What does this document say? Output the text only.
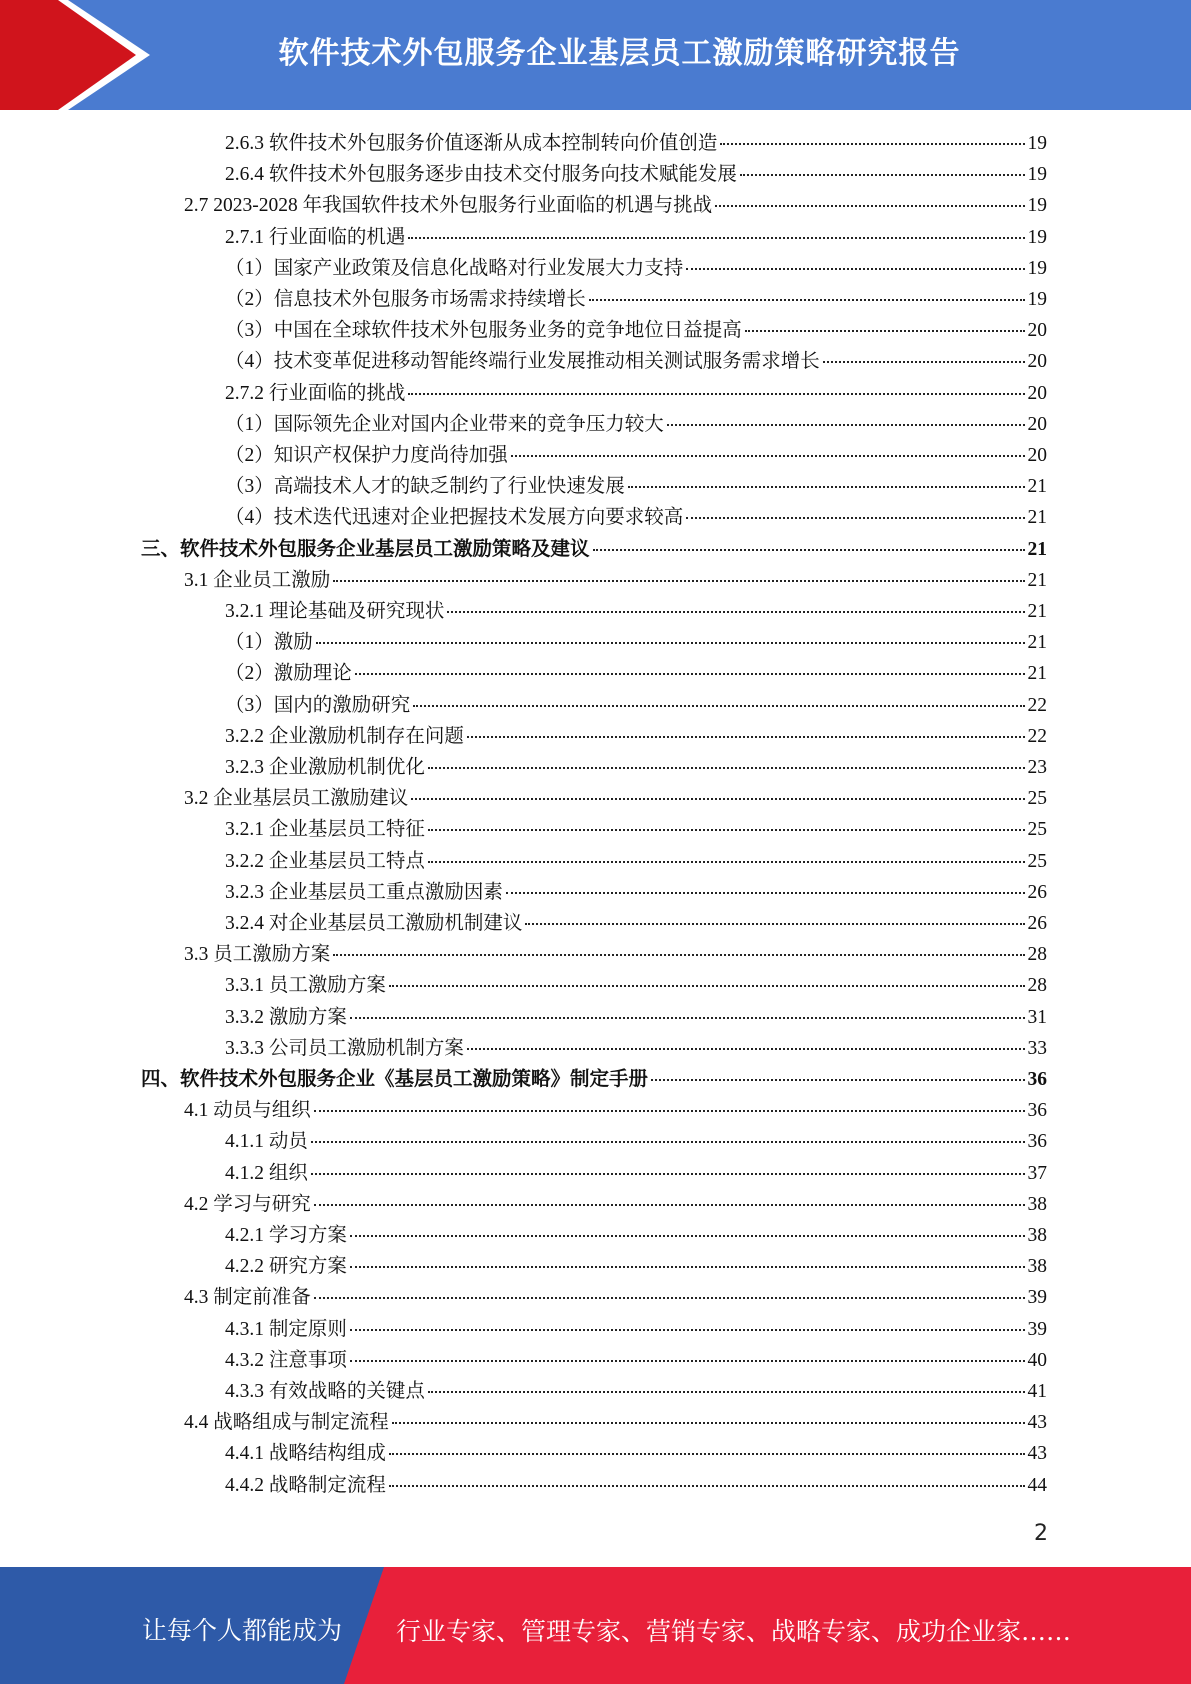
软件技术外包服务企业基层员工激励策略研究报告
2.6.3 软件技术外包服务价值逐渐从成本控制转向价值创造	19
2.6.4 软件技术外包服务逐步由技术交付服务向技术赋能发展	19
2.7 2023-2028 年我国软件技术外包服务行业面临的机遇与挑战	19
2.7.1 行业面临的机遇	19
（1）国家产业政策及信息化战略对行业发展大力支持	19
（2）信息技术外包服务市场需求持续增长	19
（3）中国在全球软件技术外包服务业务的竞争地位日益提高	20
（4）技术变革促进移动智能终端行业发展推动相关测试服务需求增长	20
2.7.2 行业面临的挑战	20
（1）国际领先企业对国内企业带来的竞争压力较大	20
（2）知识产权保护力度尚待加强	20
（3）高端技术人才的缺乏制约了行业快速发展	21
（4）技术迭代迅速对企业把握技术发展方向要求较高	21
三、软件技术外包服务企业基层员工激励策略及建议	21
3.1 企业员工激励	21
3.2.1 理论基础及研究现状	21
（1）激励	21
（2）激励理论	21
（3）国内的激励研究	22
3.2.2 企业激励机制存在问题	22
3.2.3 企业激励机制优化	23
3.2 企业基层员工激励建议	25
3.2.1 企业基层员工特征	25
3.2.2 企业基层员工特点	25
3.2.3 企业基层员工重点激励因素	26
3.2.4 对企业基层员工激励机制建议	26
3.3 员工激励方案	28
3.3.1 员工激励方案	28
3.3.2 激励方案	31
3.3.3 公司员工激励机制方案	33
四、软件技术外包服务企业《基层员工激励策略》制定手册	36
4.1 动员与组织	36
4.1.1 动员	36
4.1.2 组织	37
4.2 学习与研究	38
4.2.1 学习方案	38
4.2.2 研究方案	38
4.3 制定前准备	39
4.3.1 制定原则	39
4.3.2 注意事项	40
4.3.3 有效战略的关键点	41
4.4 战略组成与制定流程	43
4.4.1 战略结构组成	43
4.4.2 战略制定流程	44
2
让每个人都能成为 行业专家、管理专家、营销专家、战略专家、成功企业家……
